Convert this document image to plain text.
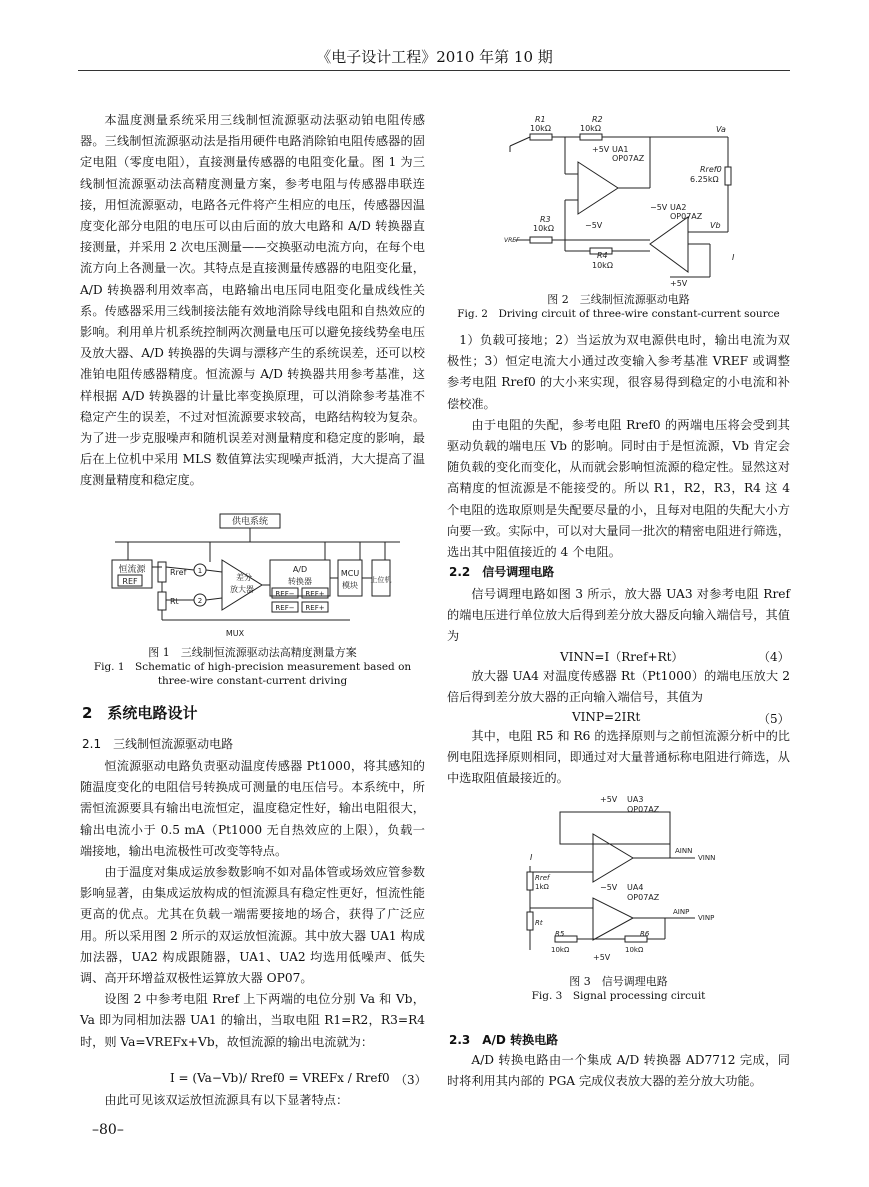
《电子设计工程》2010 年第 10 期

本温度测量系统采用三线制恒流源驱动法驱动铂电阻传感器。三线制恒流源驱动法是指用硬件电路消除铂电阻传感器的固定电阻（零度电阻），直接测量传感器的电阻变化量。图 1 为三线制恒流源驱动法高精度测量方案，参考电阻与传感器串联连接，用恒流源驱动，电路各元件将产生相应的电压，传感器因温度变化部分电阻的电压可以由后面的放大电路和 A/D 转换器直接测量，并采用 2 次电压测量——交换驱动电流方向，在每个电流方向上各测量一次。其特点是直接测量传感器的电阻变化量，A/D 转换器利用效率高，电路输出电压同电阻变化量成线性关系。传感器采用三线制接法能有效地消除导线电阻和自热效应的影响。利用单片机系统控制两次测量电压可以避免接线势垒电压及放大器、A/D 转换器的失调与漂移产生的系统误差，还可以校准铂电阻传感器精度。恒流源与 A/D 转换器共用参考基准，这样根据 A/D 转换器的计量比率变换原理，可以消除参考基准不稳定产生的误差，不过对恒流源要求较高，电路结构较为复杂。为了进一步克服噪声和随机误差对测量精度和稳定度的影响，最后在上位机中采用 MLS 数值算法实现噪声抵消，大大提高了温度测量精度和稳定度。

供电系统
恒流源
REF
Rref
Rt
1
2
差分
放大器
A/D
转换器
REF− REF+
REF− REF+
MCU
模块
上位机
MUX
图 1　三线制恒流源驱动法高精度测量方案
Fig. 1　Schematic of high-precision measurement based on
three-wire constant-current driving
2　系统电路设计
2.1　三线制恒流源驱动电路

恒流源驱动电路负责驱动温度传感器 Pt1000，将其感知的随温度变化的电阻信号转换成可测量的电压信号。本系统中，所需恒流源要具有输出电流恒定，温度稳定性好，输出电阻很大，输出电流小于 0.5 mA（Pt1000 无自热效应的上限），负载一端接地，输出电流极性可改变等特点。

由于温度对集成运放参数影响不如对晶体管或场效应管参数影响显著，由集成运放构成的恒流源具有稳定性更好，恒流性能更高的优点。尤其在负载一端需要接地的场合，获得了广泛应用。所以采用图 2 所示的双运放恒流源。其中放大器 UA1 构成加法器，UA2 构成跟随器，UA1、UA2 均选用低噪声、低失调、高开环增益双极性运算放大器 OP07。

设图 2 中参考电阻 Rref 上下两端的电位分别 Va 和 Vb，Va 即为同相加法器 UA1 的输出，当取电阻 R1=R2，R3=R4 时，则 Va=VREFx+Vb，故恒流源的输出电流就为：

I = (Va−Vb)/ Rref0 = VREFx / Rref0 （3）

由此可见该双运放恒流源具有以下显著特点：

–80–
R1
10kΩ
R2
10kΩ	Va
+5V UA1
OP07AZ
−5V
Rref0
6.25kΩ
−5V UA2
OP07AZ
Vb
R3
10kΩ
VREF
R4
10kΩ
+5V
I
图 2　三线制恒流源驱动电路
Fig. 2　Driving circuit of three-wire constant-current source

1）负载可接地；2）当运放为双电源供电时，输出电流为双极性；3）恒定电流大小通过改变输入参考基准 VREF 或调整参考电阻 Rref0 的大小来实现，很容易得到稳定的小电流和补偿校准。

由于电阻的失配，参考电阻 Rref0 的两端电压将会受到其驱动负载的端电压 Vb 的影响。同时由于是恒流源，Vb 肯定会随负载的变化而变化，从而就会影响恒流源的稳定性。显然这对高精度的恒流源是不能接受的。所以 R1，R2，R3，R4 这 4 个电阻的选取原则是失配要尽量的小，且每对电阻的失配大小方向要一致。实际中，可以对大量同一批次的精密电阻进行筛选，选出其中阻值接近的 4 个电阻。

2.2　信号调理电路

信号调理电路如图 3 所示，放大器 UA3 对参考电阻 Rref 的端电压进行单位放大后得到差分放大器反向输入端信号，其值为

VINN=I（Rref+Rt）	（4）

放大器 UA4 对温度传感器 Rt（Pt1000）的端电压放大 2 倍后得到差分放大器的正向输入端信号，其值为

VINP=2IRt	（5）

其中，电阻 R5 和 R6 的选择原则与之前恒流源分析中的比例电阻选择原则相同，即通过对大量普通标称电阻进行筛选，从中选取阻值最接近的。

+5V UA3
OP07AZ
AINN
VINN
−5V
I
Rref
1kΩ	UA4
OP07AZ
AINP
VINP
Rt
R5
10kΩ
R6
10kΩ
+5V
图 3　信号调理电路
Fig. 3　Signal processing circuit
2.3　A/D 转换电路

A/D 转换电路由一个集成 A/D 转换器 AD7712 完成，同时将利用其内部的 PGA 完成仪表放大器的差分放大功能。
